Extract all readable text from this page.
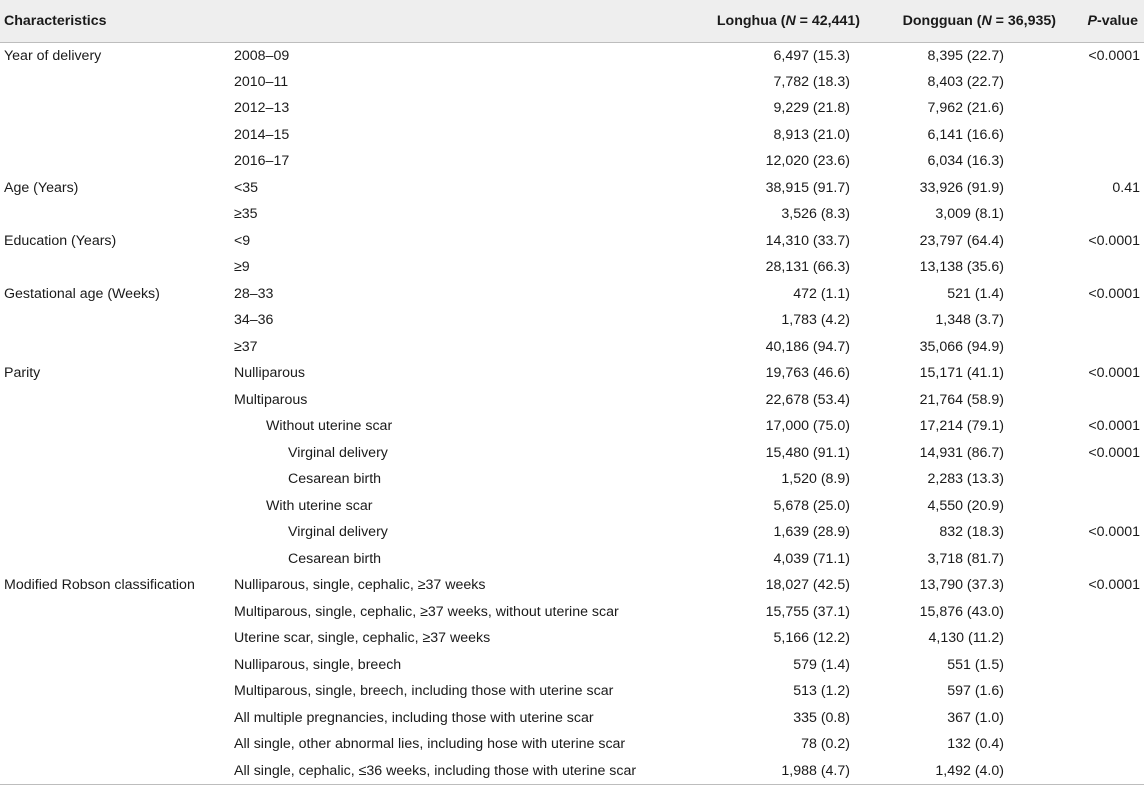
Characteristics		Longhua (N = 42,441)	Dongguan (N = 36,935)	P-value
Year of delivery	2008–09	6,497 (15.3)	8,395 (22.7)	<0.0001
	2010–11	7,782 (18.3)	8,403 (22.7)	
	2012–13	9,229 (21.8)	7,962 (21.6)	
	2014–15	8,913 (21.0)	6,141 (16.6)	
	2016–17	12,020 (23.6)	6,034 (16.3)	
Age (Years)	<35	38,915 (91.7)	33,926 (91.9)	0.41
	≥35	3,526 (8.3)	3,009 (8.1)	
Education (Years)	<9	14,310 (33.7)	23,797 (64.4)	<0.0001
	≥9	28,131 (66.3)	13,138 (35.6)	
Gestational age (Weeks)	28–33	472 (1.1)	521 (1.4)	<0.0001
	34–36	1,783 (4.2)	1,348 (3.7)	
	≥37	40,186 (94.7)	35,066 (94.9)	
Parity	Nulliparous	19,763 (46.6)	15,171 (41.1)	<0.0001
	Multiparous	22,678 (53.4)	21,764 (58.9)	
	Without uterine scar	17,000 (75.0)	17,214 (79.1)	<0.0001
	Virginal delivery	15,480 (91.1)	14,931 (86.7)	<0.0001
	Cesarean birth	1,520 (8.9)	2,283 (13.3)	
	With uterine scar	5,678 (25.0)	4,550 (20.9)	
	Virginal delivery	1,639 (28.9)	832 (18.3)	<0.0001
	Cesarean birth	4,039 (71.1)	3,718 (81.7)	
Modified Robson classification	Nulliparous, single, cephalic, ≥37 weeks	18,027 (42.5)	13,790 (37.3)	<0.0001
	Multiparous, single, cephalic, ≥37 weeks, without uterine scar	15,755 (37.1)	15,876 (43.0)	
	Uterine scar, single, cephalic, ≥37 weeks	5,166 (12.2)	4,130 (11.2)	
	Nulliparous, single, breech	579 (1.4)	551 (1.5)	
	Multiparous, single, breech, including those with uterine scar	513 (1.2)	597 (1.6)	
	All multiple pregnancies, including those with uterine scar	335 (0.8)	367 (1.0)	
	All single, other abnormal lies, including hose with uterine scar	78 (0.2)	132 (0.4)	
	All single, cephalic, ≤36 weeks, including those with uterine scar	1,988 (4.7)	1,492 (4.0)	
